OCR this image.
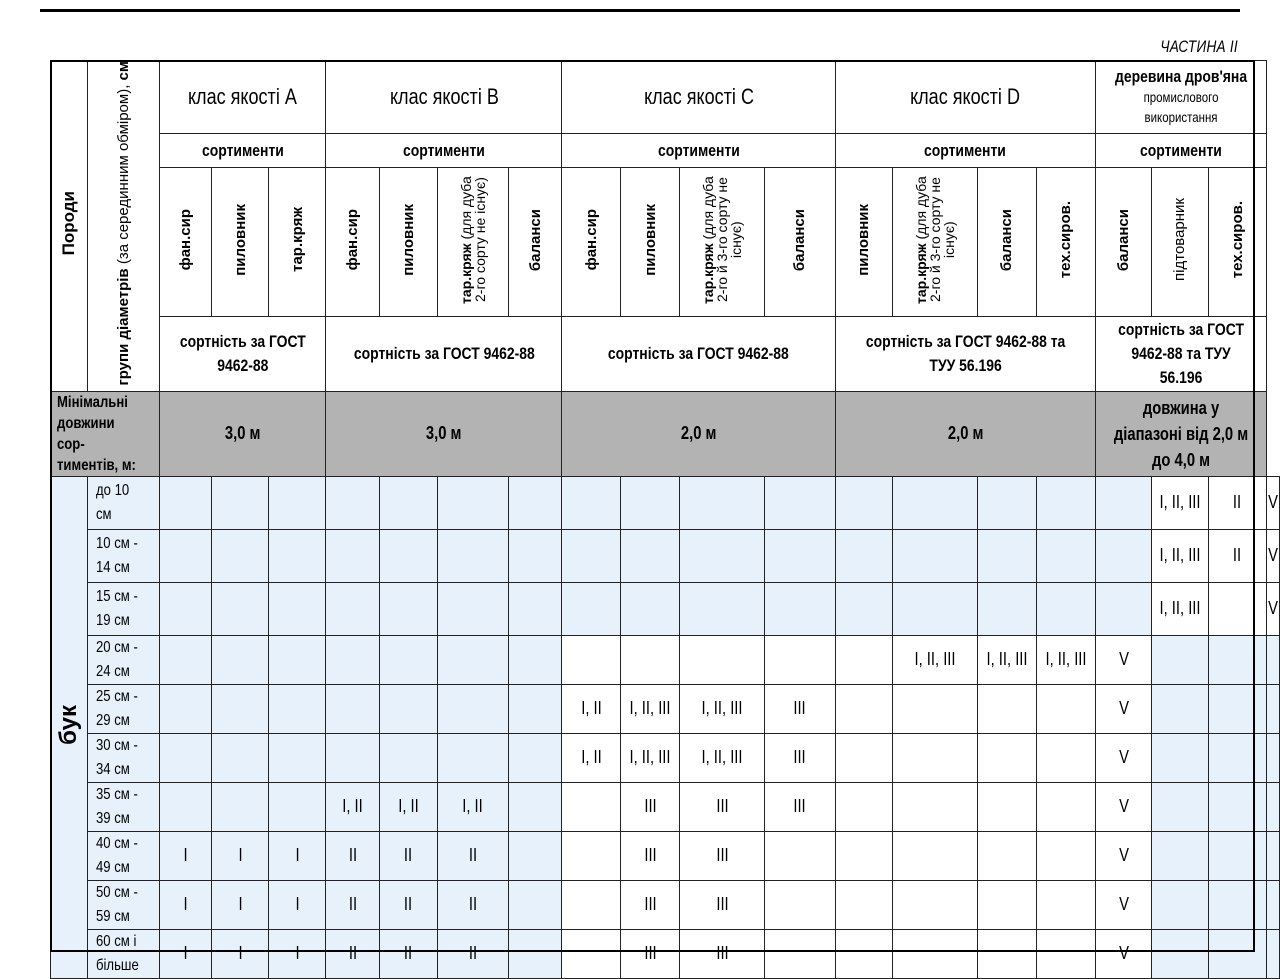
ЧАСТИНА II
Породи	групи діаметрів (за серединним обміром), см	клас якості A			клас якості B				клас якості C				клас якості D				деревина дров'яна
промислового використання			

		сортименти			сортименти				сортименти				сортименти				сортименти			
		фан.сир	пиловник	тар.кряж	фан.сир	пиловник	тар.кряж (для дуба 2-го сорту не існує)	баланси	фан.сир	пиловник	тар.кряж (для дуба 2-го й 3-го сорту не існує)	баланси	пиловник	тар.кряж (для дуба 2-го й 3-го сорту не існує)	баланси	тех.сиров.	баланси	підтоварник	тех.сиров.	
		сортність за ГОСТ 9462-88			сортність за ГОСТ 9462-88				сортність за ГОСТ 9462-88				сортність за ГОСТ 9462-88 та ТУУ 56.196				сортність за ГОСТ 9462-88 та ТУУ 56.196			
Мінімальні довжини сор-тиментів, м:		3,0 м			3,0 м				2,0 м				2,0 м				довжина у діапазоні від 2,0 м до 4,0 м			
бук	до 10 см																	I, II, III	II	V
	10 см - 14 см																	I, II, III	II	V
	15 см - 19 см																	I, II, III		V
	20 см - 24 см													I, II, III	I, II, III	I, II, III	V			
	25 см - 29 см								I, II	I, II, III	I, II, III	III					V			
	30 см - 34 см								I, II	I, II, III	I, II, III	III					V			
	35 см - 39 см				I, II	I, II	I, II			III	III	III					V			
	40 см - 49 см	I	I	I	II	II	II			III	III						V			
	50 см - 59 см	I	I	I	II	II	II			III	III						V			
	60 см і більше	I	I	I	II	II	II			III	III						V			
